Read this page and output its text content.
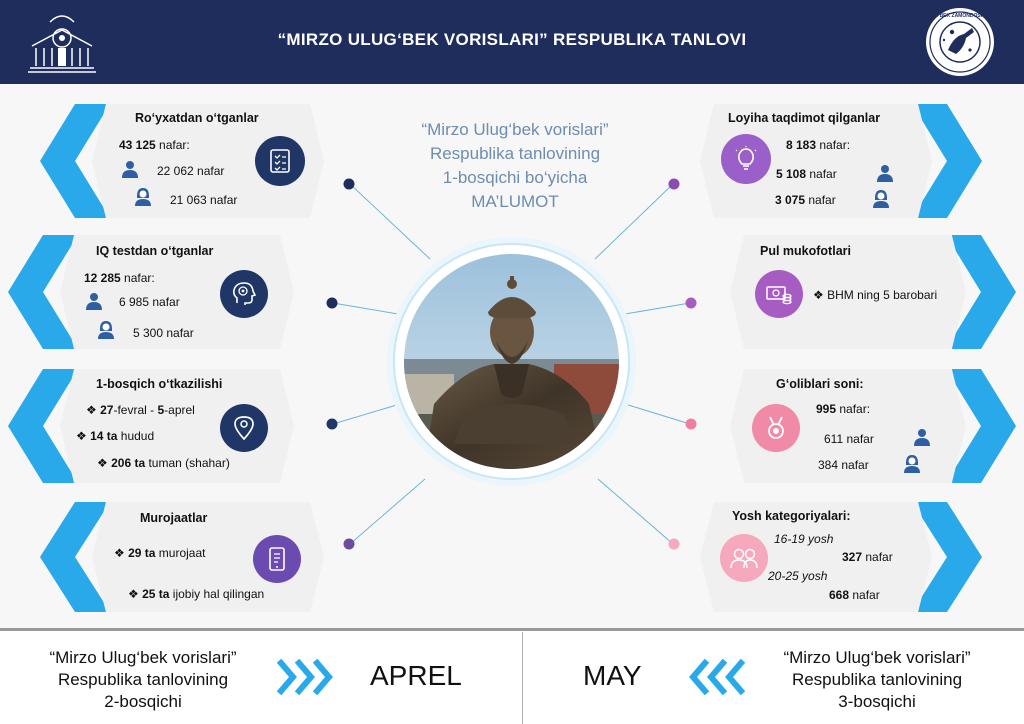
“MIRZO ULUG‘BEK VORISLARI” RESPUBLIKA TANLOVI
ULUG‘BEK ZAMONDOSHLARI
“Mirzo Ulug‘bek vorislari”
Respublika tanlovining
1-bosqichi bo‘yicha
MA’LUMOT
Ro‘yxatdan o‘tganlar
43 125 nafar:
22 062 nafar
21 063 nafar
IQ testdan o‘tganlar
12 285 nafar:
6 985 nafar
5 300 nafar
1-bosqich o‘tkazilishi
❖ 27-fevral - 5-aprel
❖ 14 ta hudud
❖ 206 ta tuman (shahar)
Murojaatlar
❖ 29 ta murojaat
❖ 25 ta ijobiy hal qilingan
Loyiha taqdimot qilganlar
8 183 nafar:
5 108 nafar
3 075 nafar
Pul mukofotlari
❖ BHM ning 5 barobari
G‘oliblari soni:
995 nafar:
611 nafar
384 nafar
Yosh kategoriyalari:
16-19 yosh
327 nafar
20-25 yosh
668 nafar
“Mirzo Ulug‘bek vorislari”
Respublika tanlovining
2-bosqichi
APREL	MAY
“Mirzo Ulug‘bek vorislari”
Respublika tanlovining
3-bosqichi
